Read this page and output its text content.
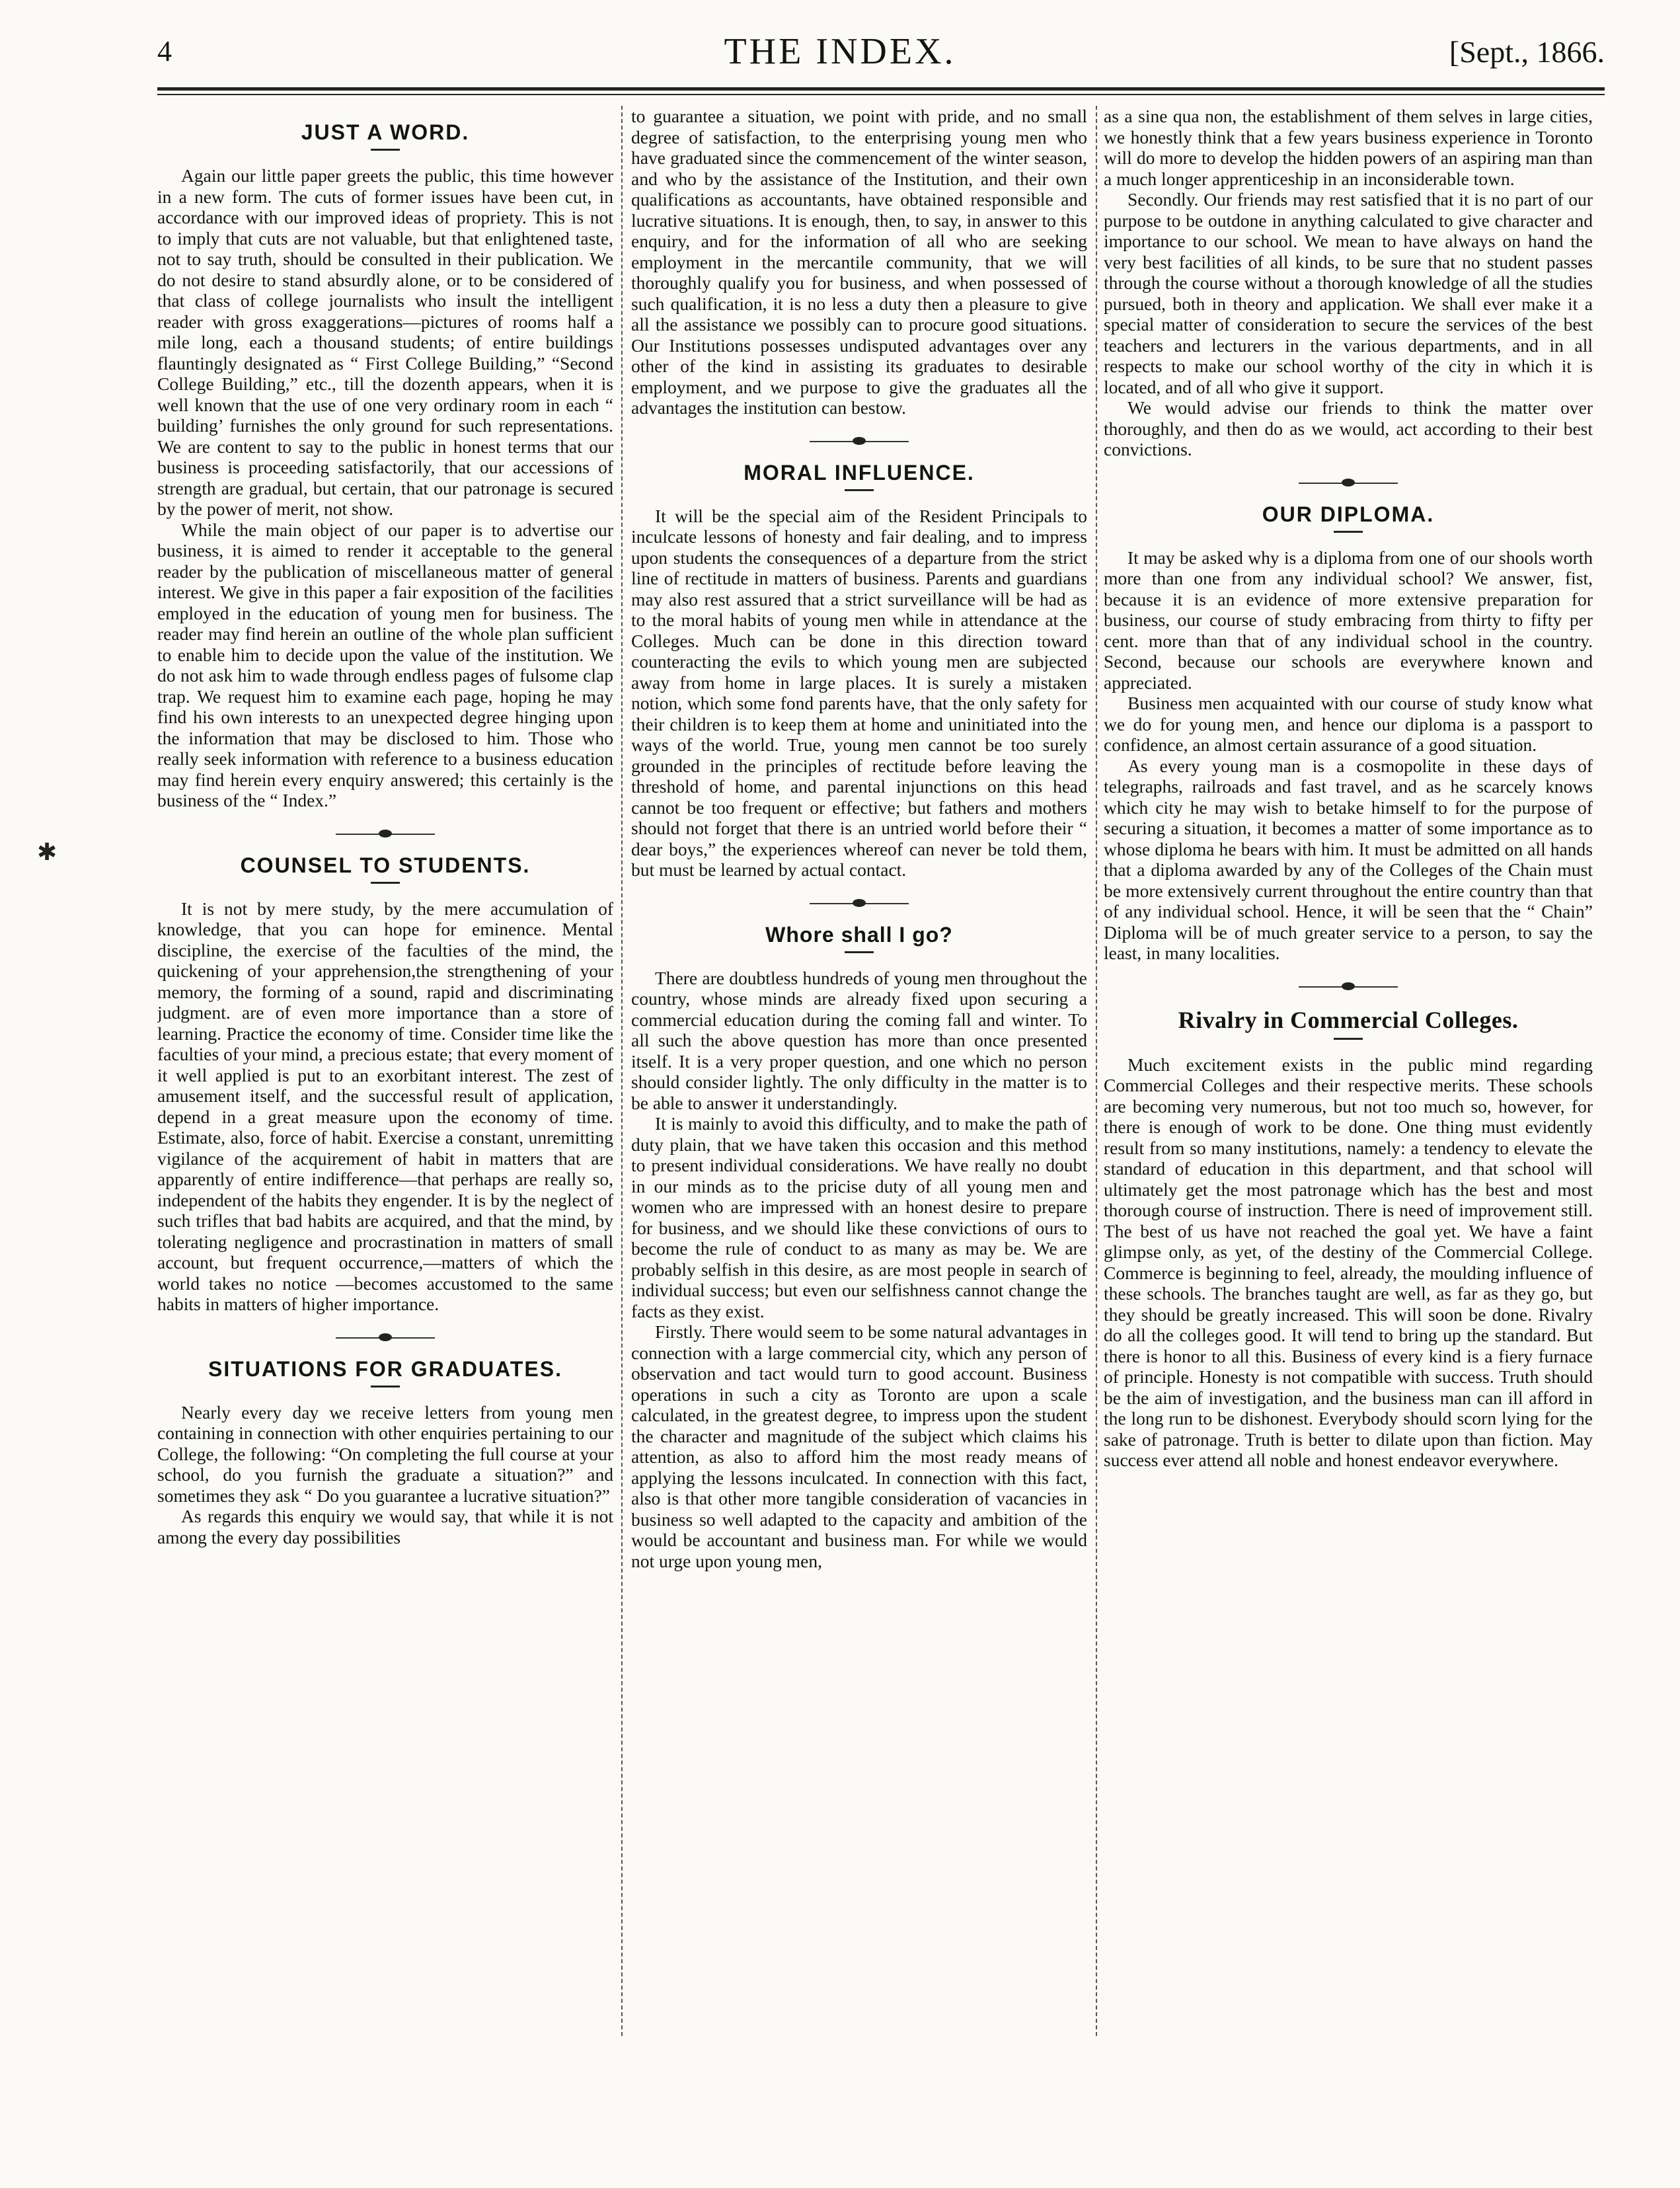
4	THE INDEX.	[Sept., 1866.
✱
JUST A WORD.

Again our little paper greets the public, this time however in a new form. The cuts of former issues have been cut, in accordance with our improved ideas of propriety. This is not to imply that cuts are not valuable, but that enlightened taste, not to say truth, should be consulted in their publication. We do not desire to stand absurdly alone, or to be considered of that class of college journalists who insult the intelligent reader with gross exaggerations—pictures of rooms half a mile long, each a thousand students; of entire buildings flauntingly designated as “ First College Building,” “Second College Building,” etc., till the dozenth appears, when it is well known that the use of one very ordinary room in each “ building’ furnishes the only ground for such representations. We are content to say to the public in honest terms that our business is proceeding satisfactorily, that our accessions of strength are gradual, but certain, that our patronage is secured by the power of merit, not show.

While the main object of our paper is to advertise our business, it is aimed to render it acceptable to the general reader by the publication of miscellaneous matter of general interest. We give in this paper a fair exposition of the facilities employed in the education of young men for business. The reader may find herein an outline of the whole plan sufficient to enable him to decide upon the value of the institution. We do not ask him to wade through endless pages of fulsome clap trap. We request him to examine each page, hoping he may find his own interests to an unexpected degree hinging upon the information that may be disclosed to him. Those who really seek information with reference to a business education may find herein every enquiry answered; this certainly is the business of the “ Index.”

COUNSEL TO STUDENTS.

It is not by mere study, by the mere accumulation of knowledge, that you can hope for eminence. Mental discipline, the exercise of the faculties of the mind, the quickening of your apprehension,the strengthening of your memory, the forming of a sound, rapid and discriminating judgment. are of even more importance than a store of learning. Practice the economy of time. Consider time like the faculties of your mind, a precious estate; that every moment of it well applied is put to an exorbitant interest. The zest of amusement itself, and the successful result of application, depend in a great measure upon the economy of time. Estimate, also, force of habit. Exercise a constant, unremitting vigilance of the acquirement of habit in matters that are apparently of entire indifference—that perhaps are really so, independent of the habits they engender. It is by the neglect of such trifles that bad habits are acquired, and that the mind, by tolerating negligence and procrastination in matters of small account, but frequent occurrence,—matters of which the world takes no notice —becomes accustomed to the same habits in matters of higher importance.

SITUATIONS FOR GRADUATES.

Nearly every day we receive letters from young men containing in connection with other enquiries pertaining to our College, the following: “On completing the full course at your school, do you furnish the graduate a situation?” and sometimes they ask “ Do you guarantee a lucrative situation?”

As regards this enquiry we would say, that while it is not among the every day possibilities

to guarantee a situation, we point with pride, and no small degree of satisfaction, to the enterprising young men who have graduated since the commencement of the winter season, and who by the assistance of the Institution, and their own qualifications as accountants, have obtained responsible and lucrative situations. It is enough, then, to say, in answer to this enquiry, and for the information of all who are seeking employment in the mercantile community, that we will thoroughly qualify you for business, and when possessed of such qualification, it is no less a duty then a pleasure to give all the assistance we possibly can to procure good situations. Our Institutions possesses undisputed advantages over any other of the kind in assisting its graduates to desirable employment, and we purpose to give the graduates all the advantages the institution can bestow.

MORAL INFLUENCE.

It will be the special aim of the Resident Principals to inculcate lessons of honesty and fair dealing, and to impress upon students the consequences of a departure from the strict line of rectitude in matters of business. Parents and guardians may also rest assured that a strict surveillance will be had as to the moral habits of young men while in attendance at the Colleges. Much can be done in this direction toward counteracting the evils to which young men are subjected away from home in large places. It is surely a mistaken notion, which some fond parents have, that the only safety for their children is to keep them at home and uninitiated into the ways of the world. True, young men cannot be too surely grounded in the principles of rectitude before leaving the threshold of home, and parental injunctions on this head cannot be too frequent or effective; but fathers and mothers should not forget that there is an untried world before their “ dear boys,” the experiences whereof can never be told them, but must be learned by actual contact.

Whore shall I go?

There are doubtless hundreds of young men throughout the country, whose minds are already fixed upon securing a commercial education during the coming fall and winter. To all such the above question has more than once presented itself. It is a very proper question, and one which no person should consider lightly. The only difficulty in the matter is to be able to answer it understandingly.

It is mainly to avoid this difficulty, and to make the path of duty plain, that we have taken this occasion and this method to present individual considerations. We have really no doubt in our minds as to the pricise duty of all young men and women who are impressed with an honest desire to prepare for business, and we should like these convictions of ours to become the rule of conduct to as many as may be. We are probably selfish in this desire, as are most people in search of individual success; but even our selfishness cannot change the facts as they exist.

Firstly. There would seem to be some natural advantages in connection with a large commercial city, which any person of observation and tact would turn to good account. Business operations in such a city as Toronto are upon a scale calculated, in the greatest degree, to impress upon the student the character and magnitude of the subject which claims his attention, as also to afford him the most ready means of applying the lessons inculcated. In connection with this fact, also is that other more tangible consideration of vacancies in business so well adapted to the capacity and ambition of the would be accountant and business man. For while we would not urge upon young men,

as a sine qua non, the establishment of them selves in large cities, we honestly think that a few years business experience in Toronto will do more to develop the hidden powers of an aspiring man than a much longer apprenticeship in an inconsiderable town.

Secondly. Our friends may rest satisfied that it is no part of our purpose to be outdone in anything calculated to give character and importance to our school. We mean to have always on hand the very best facilities of all kinds, to be sure that no student passes through the course without a thorough knowledge of all the studies pursued, both in theory and application. We shall ever make it a special matter of consideration to secure the services of the best teachers and lecturers in the various departments, and in all respects to make our school worthy of the city in which it is located, and of all who give it support.

We would advise our friends to think the matter over thoroughly, and then do as we would, act according to their best convictions.

OUR DIPLOMA.

It may be asked why is a diploma from one of our shools worth more than one from any individual school? We answer, fist, because it is an evidence of more extensive preparation for business, our course of study embracing from thirty to fifty per cent. more than that of any individual school in the country. Second, because our schools are everywhere known and appreciated.

Business men acquainted with our course of study know what we do for young men, and hence our diploma is a passport to confidence, an almost certain assurance of a good situation.

As every young man is a cosmopolite in these days of telegraphs, railroads and fast travel, and as he scarcely knows which city he may wish to betake himself to for the purpose of securing a situation, it becomes a matter of some importance as to whose diploma he bears with him. It must be admitted on all hands that a diploma awarded by any of the Colleges of the Chain must be more extensively current throughout the entire country than that of any individual school. Hence, it will be seen that the “ Chain” Diploma will be of much greater service to a person, to say the least, in many localities.

Rivalry in Commercial Colleges.

Much excitement exists in the public mind regarding Commercial Colleges and their respective merits. These schools are becoming very numerous, but not too much so, however, for there is enough of work to be done. One thing must evidently result from so many institutions, namely: a tendency to elevate the standard of education in this department, and that school will ultimately get the most patronage which has the best and most thorough course of instruction. There is need of improvement still. The best of us have not reached the goal yet. We have a faint glimpse only, as yet, of the destiny of the Commercial College. Commerce is beginning to feel, already, the moulding influence of these schools. The branches taught are well, as far as they go, but they should be greatly increased. This will soon be done. Rivalry do all the colleges good. It will tend to bring up the standard. But there is honor to all this. Business of every kind is a fiery furnace of principle. Honesty is not compatible with success. Truth should be the aim of investigation, and the business man can ill afford in the long run to be dishonest. Everybody should scorn lying for the sake of patronage. Truth is better to dilate upon than fiction. May success ever attend all noble and honest endeavor everywhere.
